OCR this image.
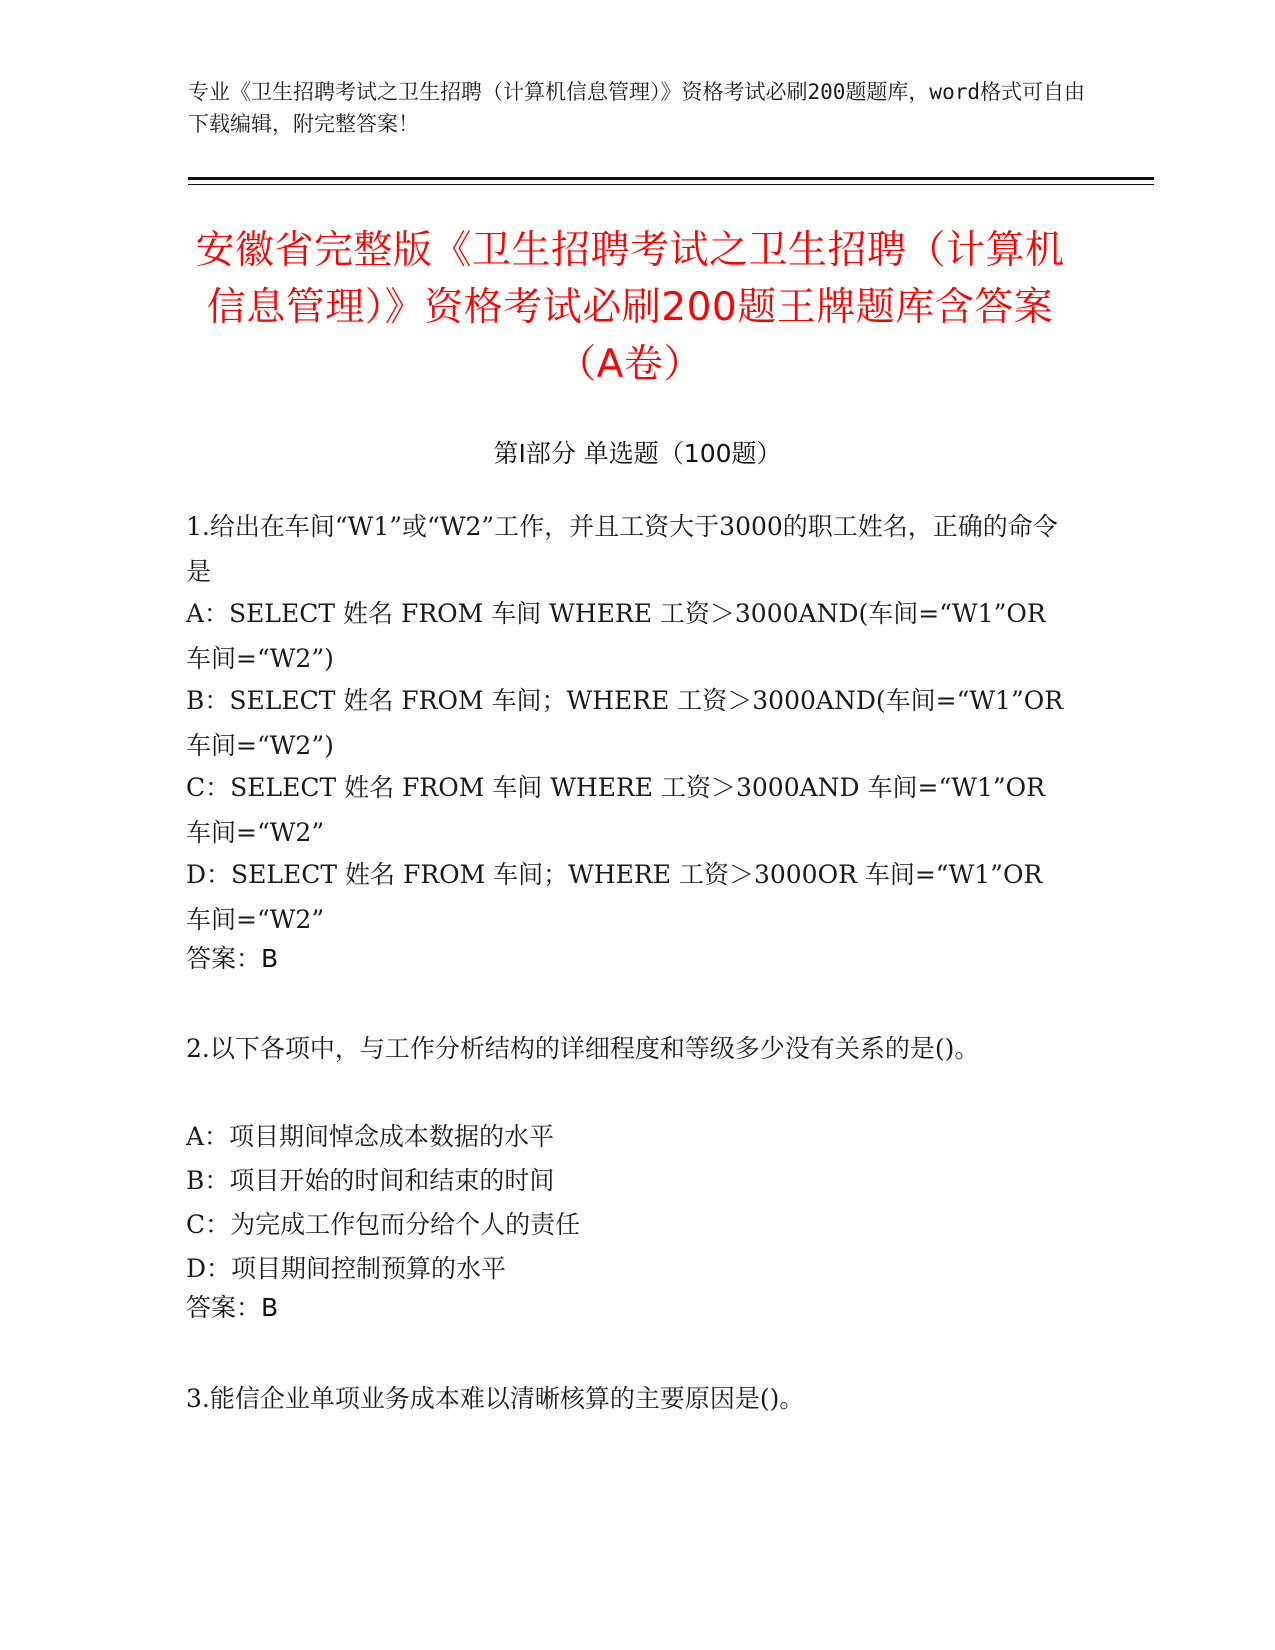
专业《卫生招聘考试之卫生招聘（计算机信息管理）》资格考试必刷200题题库，word格式可自由下载编辑，附完整答案！
安徽省完整版《卫生招聘考试之卫生招聘（计算机信息管理）》资格考试必刷200题王牌题库含答案（A卷）
第Ⅰ部分 单选题（100题）
1.给出在车间“W1”或“W2”工作，并且工资大于3000的职工姓名，正确的命令是
A：SELECT 姓名 FROM 车间 WHERE 工资＞3000AND(车间=“W1”OR 车间=“W2”)
B：SELECT 姓名 FROM 车间；WHERE 工资＞3000AND(车间=“W1”OR 车间=“W2”)
C：SELECT 姓名 FROM 车间 WHERE 工资＞3000AND 车间=“W1”OR 车间=“W2”
D：SELECT 姓名 FROM 车间；WHERE 工资＞3000OR 车间=“W1”OR 车间=“W2”
答案：B
2.以下各项中，与工作分析结构的详细程度和等级多少没有关系的是()。
A：项目期间悼念成本数据的水平
B：项目开始的时间和结束的时间
C：为完成工作包而分给个人的责任
D：项目期间控制预算的水平
答案：B
3.能信企业单项业务成本难以清晰核算的主要原因是()。
